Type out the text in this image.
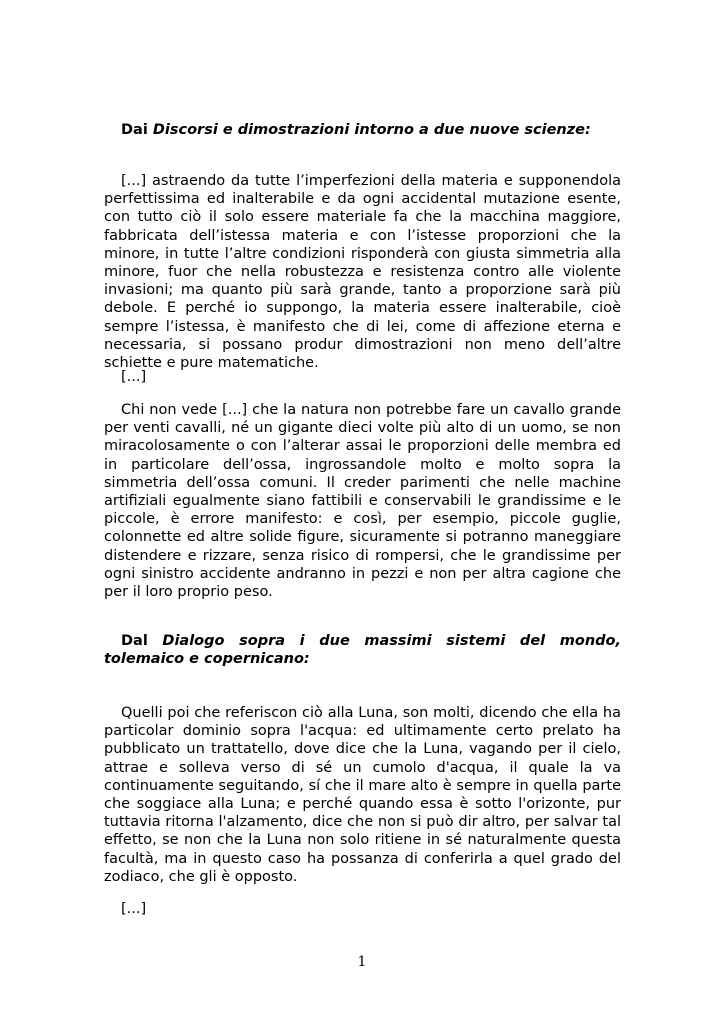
Dai Discorsi e dimostrazioni intorno a due nuove scienze:

[...] astraendo da tutte l’imperfezioni della materia e supponendola perfettissima ed inalterabile e da ogni accidental mutazione esente, con tutto ciò il solo essere materiale fa che la macchina maggiore, fabbricata dell’istessa materia e con l’istesse proporzioni che la minore, in tutte l’altre condizioni risponderà con giusta simmetria alla minore, fuor che nella robustezza e resistenza contro alle violente invasioni; ma quanto più sarà grande, tanto a proporzione sarà più debole. E perché io suppongo, la materia essere inalterabile, cioè sempre l’istessa, è manifesto che di lei, come di affezione eterna e necessaria, si possano produr dimostrazioni non meno dell’altre schiette e pure matematiche.

[...]

Chi non vede [...] che la natura non potrebbe fare un cavallo grande per venti cavalli, né un gigante dieci volte più alto di un uomo, se non miracolosamente o con l’alterar assai le proporzioni delle membra ed in particolare dell’ossa, ingrossandole molto e molto sopra la simmetria dell’ossa comuni. Il creder parimenti che nelle machine artifiziali egualmente siano fattibili e conservabili le grandissime e le piccole, è errore manifesto: e così, per esempio, piccole guglie, colonnette ed altre solide figure, sicuramente si potranno maneggiare distendere e rizzare, senza risico di rompersi, che le grandissime per ogni sinistro accidente andranno in pezzi e non per altra cagione che per il loro proprio peso.

Dal Dialogo sopra i due massimi sistemi del mondo, tolemaico e copernicano:

Quelli poi che referiscon ciò alla Luna, son molti, dicendo che ella ha particolar dominio sopra l'acqua: ed ultimamente certo prelato ha pubblicato un trattatello, dove dice che la Luna, vagando per il cielo, attrae e solleva verso di sé un cumolo d'acqua, il quale la va continuamente seguitando, sí che il mare alto è sempre in quella parte che soggiace alla Luna; e perché quando essa è sotto l'orizonte, pur tuttavia ritorna l'alzamento, dice che non si può dir altro, per salvar tal effetto, se non che la Luna non solo ritiene in sé naturalmente questa facultà, ma in questo caso ha possanza di conferirla a quel grado del zodiaco, che gli è opposto.

[...]

1
